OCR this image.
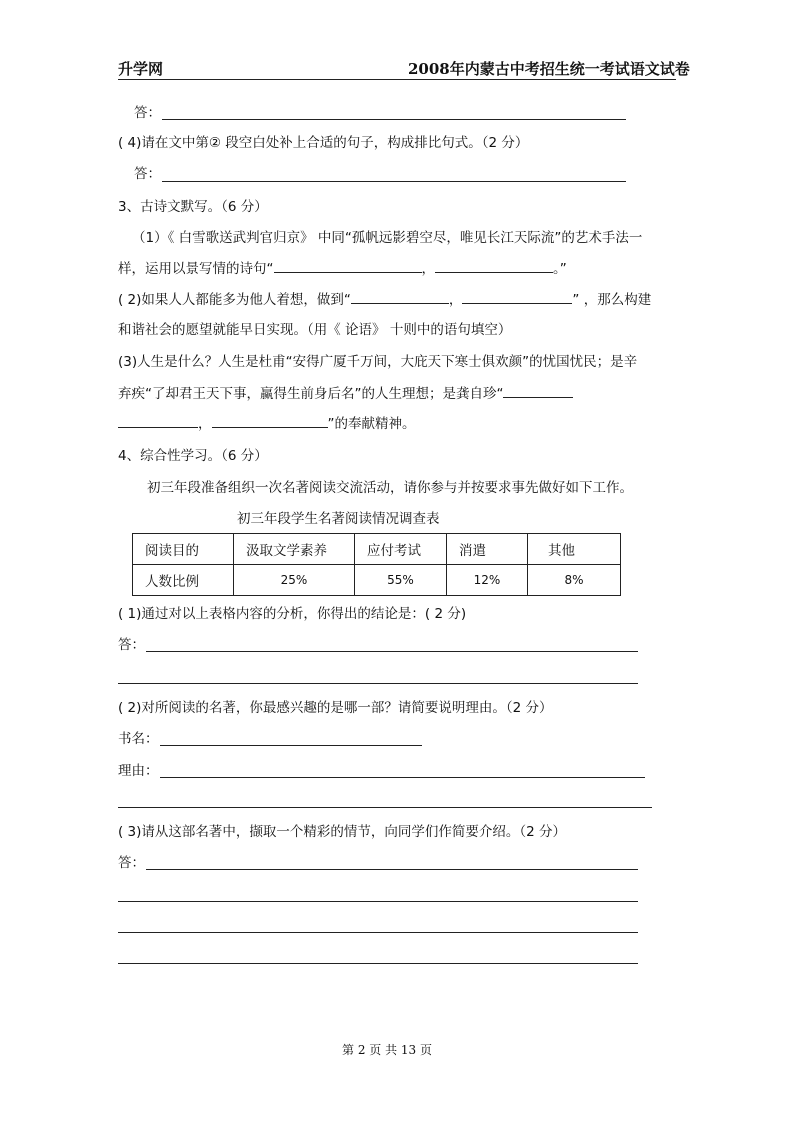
升学网	2008年内蒙古中考招生统一考试语文试卷
答：
( 4)请在文中第② 段空白处补上合适的句子，构成排比句式。（2 分）
答：
3、古诗文默写。（6 分）
（1）《 白雪歌送武判官归京》 中同“孤帆远影碧空尽，唯见长江天际流”的艺术手法一
样，运用以景写情的诗句“	，	。”
( 2)如果人人都能多为他人着想，做到“	，	” ，那么构建
和谐社会的愿望就能早日实现。（用《 论语》 十则中的语句填空）
(3)人生是什么？人生是杜甫“安得广厦千万间，大庇天下寒士俱欢颜”的忧国忧民；是辛
弃疾“了却君王天下事，赢得生前身后名”的人生理想；是龚自珍“
，	”的奉献精神。
4、综合性学习。（6 分）
初三年段准备组织一次名著阅读交流活动，请你参与并按要求事先做好如下工作。
初三年段学生名著阅读情况调查表
阅读目的	汲取文学素养	应付考试	消遣	其他
人数比例	25%	55%	12%	8%
( 1)通过对以上表格内容的分析，你得出的结论是：( 2 分)
答：
( 2)对所阅读的名著，你最感兴趣的是哪一部？请简要说明理由。（2 分）
书名：
理由：
( 3)请从这部名著中，撷取一个精彩的情节，向同学们作简要介绍。（2 分）
答：
第 2 页 共 13 页
